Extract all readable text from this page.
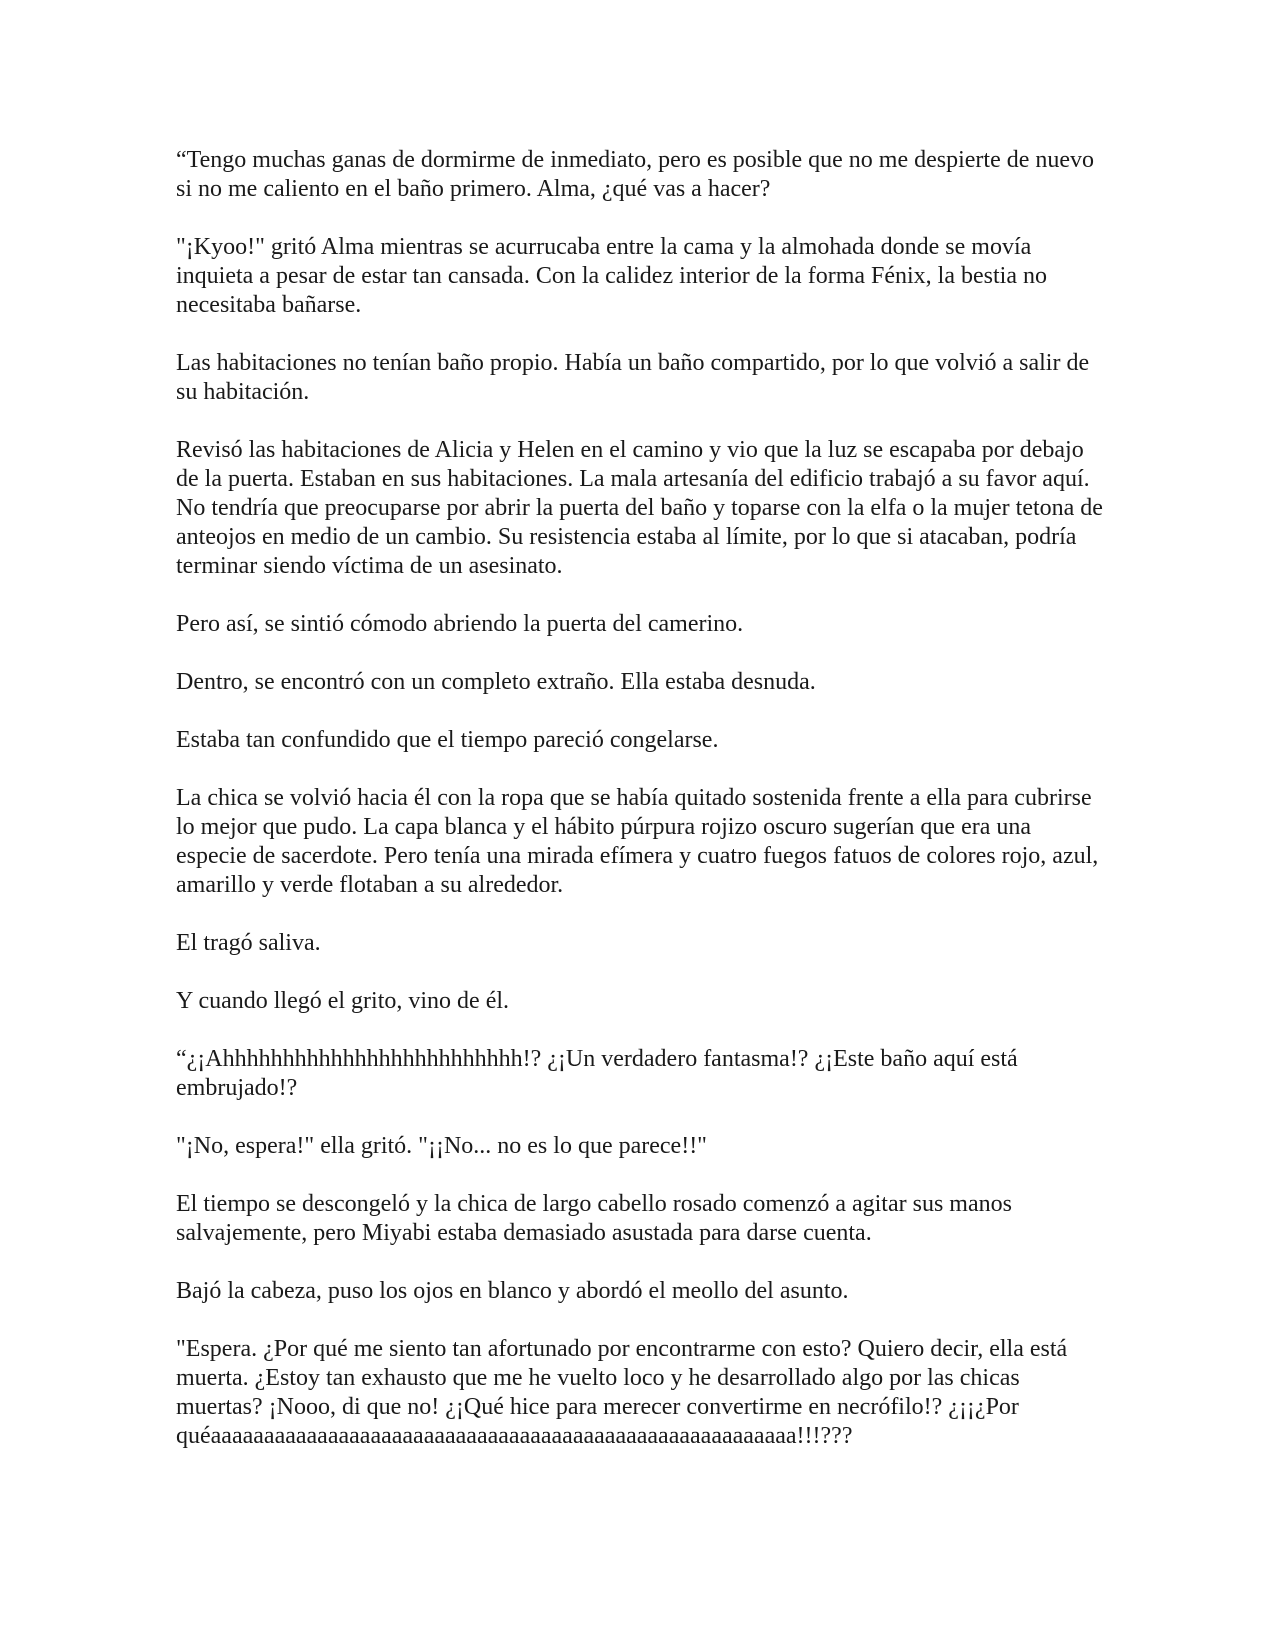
“Tengo muchas ganas de dormirme de inmediato, pero es posible que no me despierte de nuevo si no me caliento en el baño primero. Alma, ¿qué vas a hacer?

"¡Kyoo!" gritó Alma mientras se acurrucaba entre la cama y la almohada donde se movía inquieta a pesar de estar tan cansada. Con la calidez interior de la forma Fénix, la bestia no necesitaba bañarse.

Las habitaciones no tenían baño propio. Había un baño compartido, por lo que volvió a salir de su habitación.

Revisó las habitaciones de Alicia y Helen en el camino y vio que la luz se escapaba por debajo de la puerta. Estaban en sus habitaciones. La mala artesanía del edificio trabajó a su favor aquí. No tendría que preocuparse por abrir la puerta del baño y toparse con la elfa o la mujer tetona de anteojos en medio de un cambio. Su resistencia estaba al límite, por lo que si atacaban, podría terminar siendo víctima de un asesinato.

Pero así, se sintió cómodo abriendo la puerta del camerino.

Dentro, se encontró con un completo extraño. Ella estaba desnuda.

Estaba tan confundido que el tiempo pareció congelarse.

La chica se volvió hacia él con la ropa que se había quitado sostenida frente a ella para cubrirse lo mejor que pudo. La capa blanca y el hábito púrpura rojizo oscuro sugerían que era una especie de sacerdote. Pero tenía una mirada efímera y cuatro fuegos fatuos de colores rojo, azul, amarillo y verde flotaban a su alrededor.

El tragó saliva.

Y cuando llegó el grito, vino de él.

“¿¡Ahhhhhhhhhhhhhhhhhhhhhhhhh!? ¿¡Un verdadero fantasma!? ¿¡Este baño aquí está embrujado!?

"¡No, espera!" ella gritó. "¡¡No... no es lo que parece!!"

El tiempo se descongeló y la chica de largo cabello rosado comenzó a agitar sus manos salvajemente, pero Miyabi estaba demasiado asustada para darse cuenta.

Bajó la cabeza, puso los ojos en blanco y abordó el meollo del asunto.

"Espera. ¿Por qué me siento tan afortunado por encontrarme con esto? Quiero decir, ella está muerta. ¿Estoy tan exhausto que me he vuelto loco y he desarrollado algo por las chicas muertas? ¡Nooo, di que no! ¿¡Qué hice para merecer convertirme en necrófilo!? ¿¡¡¿Por quéaaaaaaaaaaaaaaaaaaaaaaaaaaaaaaaaaaaaaaaaaaaaaaaaaaaaaaa!!!???
